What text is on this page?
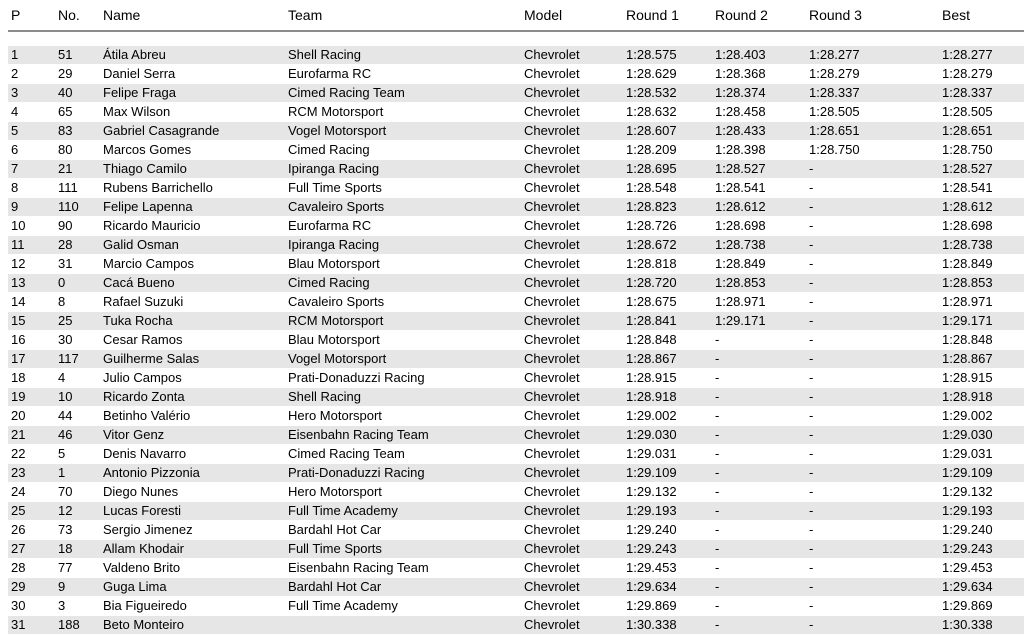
P	No.	Name	Team	Model	Round 1	Round 2	Round 3	Best

1	51	Átila Abreu	Shell Racing	Chevrolet	1:28.575	1:28.403	1:28.277	1:28.277
2	29	Daniel Serra	Eurofarma RC	Chevrolet	1:28.629	1:28.368	1:28.279	1:28.279
3	40	Felipe Fraga	Cimed Racing Team	Chevrolet	1:28.532	1:28.374	1:28.337	1:28.337
4	65	Max Wilson	RCM Motorsport	Chevrolet	1:28.632	1:28.458	1:28.505	1:28.505
5	83	Gabriel Casagrande	Vogel Motorsport	Chevrolet	1:28.607	1:28.433	1:28.651	1:28.651
6	80	Marcos Gomes	Cimed Racing	Chevrolet	1:28.209	1:28.398	1:28.750	1:28.750
7	21	Thiago Camilo	Ipiranga Racing	Chevrolet	1:28.695	1:28.527	-	1:28.527
8	111	Rubens Barrichello	Full Time Sports	Chevrolet	1:28.548	1:28.541	-	1:28.541
9	110	Felipe Lapenna	Cavaleiro Sports	Chevrolet	1:28.823	1:28.612	-	1:28.612
10	90	Ricardo Mauricio	Eurofarma RC	Chevrolet	1:28.726	1:28.698	-	1:28.698
11	28	Galid Osman	Ipiranga Racing	Chevrolet	1:28.672	1:28.738	-	1:28.738
12	31	Marcio Campos	Blau Motorsport	Chevrolet	1:28.818	1:28.849	-	1:28.849
13	0	Cacá Bueno	Cimed Racing	Chevrolet	1:28.720	1:28.853	-	1:28.853
14	8	Rafael Suzuki	Cavaleiro Sports	Chevrolet	1:28.675	1:28.971	-	1:28.971
15	25	Tuka Rocha	RCM Motorsport	Chevrolet	1:28.841	1:29.171	-	1:29.171
16	30	Cesar Ramos	Blau Motorsport	Chevrolet	1:28.848	-	-	1:28.848
17	117	Guilherme Salas	Vogel Motorsport	Chevrolet	1:28.867	-	-	1:28.867
18	4	Julio Campos	Prati-Donaduzzi Racing	Chevrolet	1:28.915	-	-	1:28.915
19	10	Ricardo Zonta	Shell Racing	Chevrolet	1:28.918	-	-	1:28.918
20	44	Betinho Valério	Hero Motorsport	Chevrolet	1:29.002	-	-	1:29.002
21	46	Vitor Genz	Eisenbahn Racing Team	Chevrolet	1:29.030	-	-	1:29.030
22	5	Denis Navarro	Cimed Racing Team	Chevrolet	1:29.031	-	-	1:29.031
23	1	Antonio Pizzonia	Prati-Donaduzzi Racing	Chevrolet	1:29.109	-	-	1:29.109
24	70	Diego Nunes	Hero Motorsport	Chevrolet	1:29.132	-	-	1:29.132
25	12	Lucas Foresti	Full Time Academy	Chevrolet	1:29.193	-	-	1:29.193
26	73	Sergio Jimenez	Bardahl Hot Car	Chevrolet	1:29.240	-	-	1:29.240
27	18	Allam Khodair	Full Time Sports	Chevrolet	1:29.243	-	-	1:29.243
28	77	Valdeno Brito	Eisenbahn Racing Team	Chevrolet	1:29.453	-	-	1:29.453
29	9	Guga Lima	Bardahl Hot Car	Chevrolet	1:29.634	-	-	1:29.634
30	3	Bia Figueiredo	Full Time Academy	Chevrolet	1:29.869	-	-	1:29.869
31	188	Beto Monteiro		Chevrolet	1:30.338	-	-	1:30.338
